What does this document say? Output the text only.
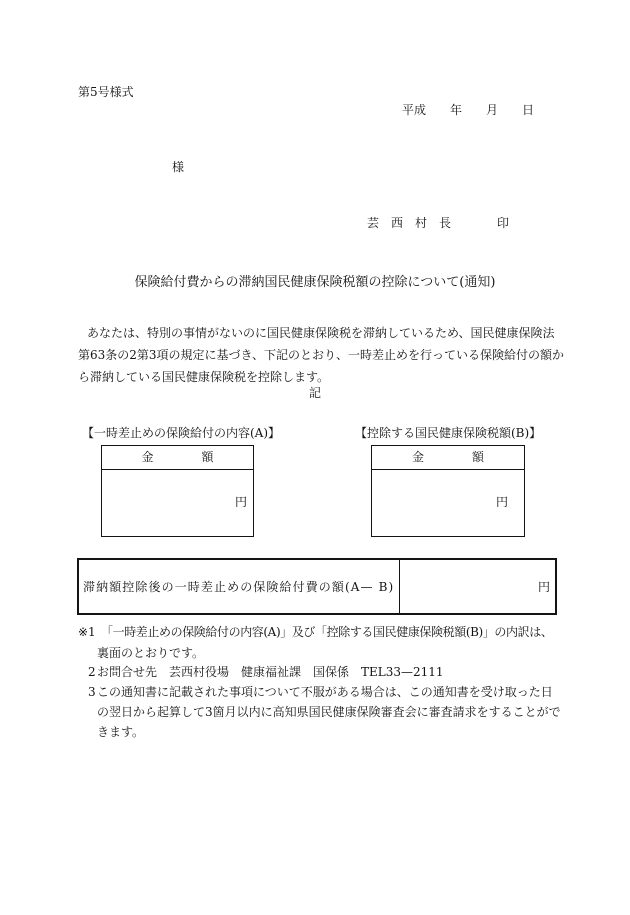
第5号様式
平成　　年　　月　　日
様
芸　西　村　長	印
保険給付費からの滞納国民健康保険税額の控除について(通知)
あなたは、特別の事情がないのに国民健康保険税を滞納しているため、国民健康保険法
第63条の2第3項の規定に基づき、下記のとおり、一時差止めを行っている保険給付の額か
ら滞納している国民健康保険税を控除します。
記
【一時差止めの保険給付の内容(A)】
金　　　　額
円
【控除する国民健康保険税額(B)】
金　　　　額
円
滞納額控除後の一時差止めの保険給付費の額(A— B)	円
※1 「一時差止めの保険給付の内容(A)」及び「控除する国民健康保険税額(B)」の内訳は、
裏面のとおりです。
2 お問合せ先　芸西村役場　健康福祉課　国保係　TEL33—2111
3 この通知書に記載された事項について不服がある場合は、この通知書を受け取った日
の翌日から起算して3箇月以内に高知県国民健康保険審査会に審査請求をすることがで
きます。
